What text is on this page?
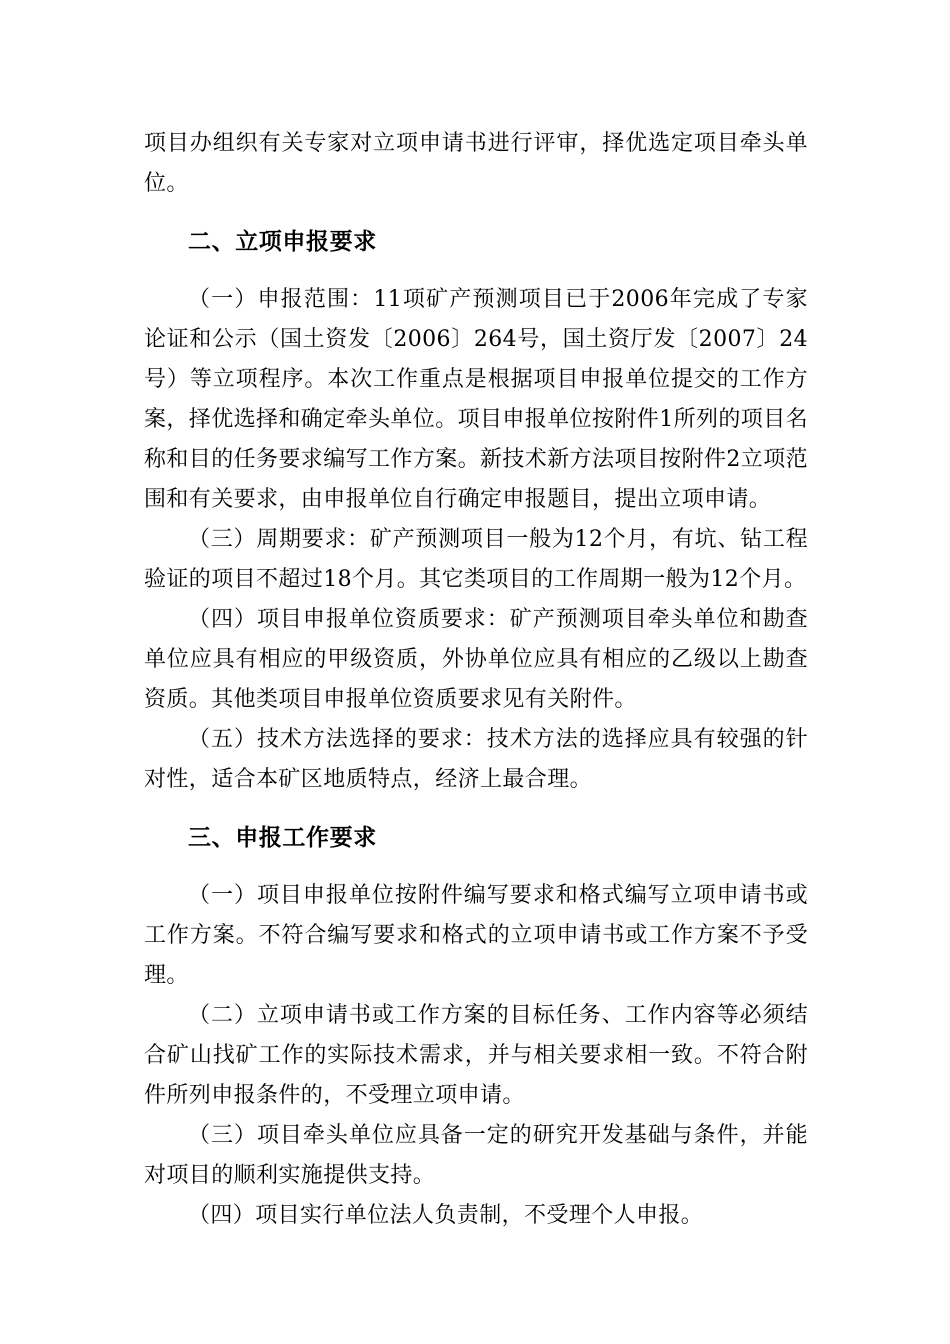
项目办组织有关专家对立项申请书进行评审，择优选定项目牵头单位。

二、立项申报要求

（一）申报范围：11项矿产预测项目已于2006年完成了专家论证和公示（国土资发〔2006〕264号，国土资厅发〔2007〕24号）等立项程序。本次工作重点是根据项目申报单位提交的工作方案，择优选择和确定牵头单位。项目申报单位按附件1所列的项目名称和目的任务要求编写工作方案。新技术新方法项目按附件2立项范围和有关要求，由申报单位自行确定申报题目，提出立项申请。

（三）周期要求：矿产预测项目一般为12个月，有坑、钻工程验证的项目不超过18个月。其它类项目的工作周期一般为12个月。

（四）项目申报单位资质要求：矿产预测项目牵头单位和勘查单位应具有相应的甲级资质，外协单位应具有相应的乙级以上勘查资质。其他类项目申报单位资质要求见有关附件。

（五）技术方法选择的要求：技术方法的选择应具有较强的针对性，适合本矿区地质特点，经济上最合理。

三、申报工作要求

（一）项目申报单位按附件编写要求和格式编写立项申请书或工作方案。不符合编写要求和格式的立项申请书或工作方案不予受理。

（二）立项申请书或工作方案的目标任务、工作内容等必须结合矿山找矿工作的实际技术需求，并与相关要求相一致。不符合附件所列申报条件的，不受理立项申请。

（三）项目牵头单位应具备一定的研究开发基础与条件，并能对项目的顺利实施提供支持。

（四）项目实行单位法人负责制，不受理个人申报。
